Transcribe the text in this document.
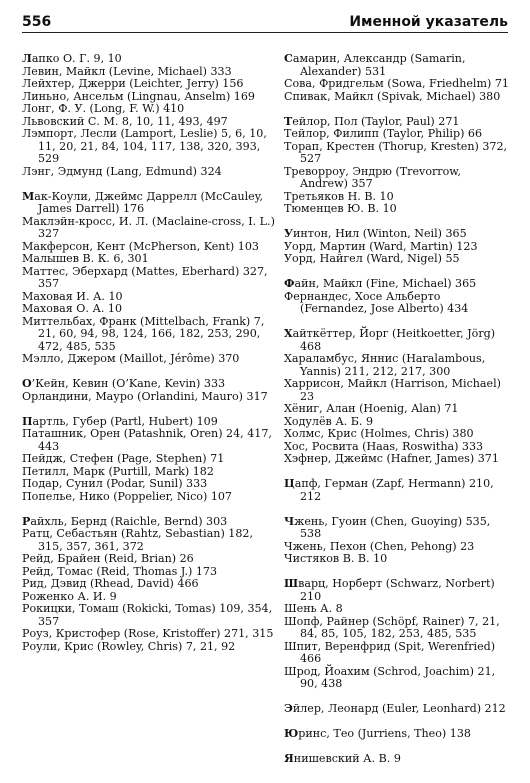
556	Именной указатель

Лапко О. Г. 9, 10

Левин, Майкл (Levine, Michael) 333

Лейхтер, Джерри (Leichter, Jerry) 156

Линьно, Ансельм (Lingnau, Anselm) 169

Лонг, Ф. У. (Long, F. W.) 410

Львовский С. М. 8, 10, 11, 493, 497

Лэмпорт, Лесли (Lamport, Leslie) 5, 6, 10, 11, 20, 21, 84, 104, 117, 138, 320, 393, 529

Лэнг, Эдмунд (Lang, Edmund) 324

Мак-Коули, Джеймс Даррелл (McCauley, James Darrell) 176

Маклэйн-кросс, И. Л. (Maclaine-cross, I. L.) 327

Макферсон, Кент (McPherson, Kent) 103

Малышев В. К. 6, 301

Маттес, Эберхард (Mattes, Eberhard) 327, 357

Маховая И. А. 10

Маховая О. А. 10

Миттельбах, Франк (Mittelbach, Frank) 7, 21, 60, 94, 98, 124, 166, 182, 253, 290, 472, 485, 535

Мэлло, Джером (Maillot, Jérôme) 370

О’Кейн, Кевин (O’Kane, Kevin) 333

Орландини, Мауро (Orlandini, Mauro) 317

Партль, Губер (Partl, Hubert) 109

Паташник, Орен (Patashnik, Oren) 24, 417, 443

Пейдж, Стефен (Page, Stephen) 71

Петилл, Марк (Purtill, Mark) 182

Подар, Сунил (Podar, Sunil) 333

Попелье, Нико (Poppelier, Nico) 107

Райхль, Бернд (Raichle, Bernd) 303

Ратц, Себастьян (Rahtz, Sebastian) 182, 315, 357, 361, 372

Рейд, Брайен (Reid, Brian) 26

Рейд, Томас (Reid, Thomas J.) 173

Рид, Дэвид (Rhead, David) 466

Роженко А. И. 9

Рокицки, Томаш (Rokicki, Tomas) 109, 354, 357

Роуз, Кристофер (Rose, Kristoffer) 271, 315

Роули, Крис (Rowley, Chris) 7, 21, 92

Самарин, Александр (Samarin, Alexander) 531

Сова, Фридгельм (Sowa, Friedhelm) 71

Спивак, Майкл (Spivak, Michael) 380

Тейлор, Пол (Taylor, Paul) 271

Тейлор, Филипп (Taylor, Philip) 66

Торап, Крестен (Thorup, Kresten) 372, 527

Треворроу, Эндрю (Trevorrow, Andrew) 357

Третьяков Н. В. 10

Тюменцев Ю. В. 10

Уинтон, Нил (Winton, Neil) 365

Уорд, Мартин (Ward, Martin) 123

Уорд, Найгел (Ward, Nigel) 55

Файн, Майкл (Fine, Michael) 365

Фернандес, Хосе Альберто (Fernandez, Jose Alberto) 434

Хайткёттер, Йорг (Heitkoetter, Jörg) 468

Хараламбус, Яннис (Haralambous, Yannis) 211, 212, 217, 300

Харрисон, Майкл (Harrison, Michael) 23

Хёниг, Алан (Hoenig, Alan) 71

Ходулёв А. Б. 9

Холмс, Крис (Holmes, Chris) 380

Хос, Росвита (Haas, Roswitha) 333

Хэфнер, Джеймс (Hafner, James) 371

Цапф, Герман (Zapf, Hermann) 210, 212

Чжень, Гуоин (Chen, Guoying) 535, 538

Чжень, Пехон (Chen, Pehong) 23

Чистяков В. В. 10

Шварц, Норберт (Schwarz, Norbert) 210

Шень А. 8

Шопф, Райнер (Schöpf, Rainer) 7, 21, 84, 85, 105, 182, 253, 485, 535

Шпит, Веренфрид (Spit, Werenfried) 466

Шрод, Йоахим (Schrod, Joachim) 21, 90, 438

Эйлер, Леонард (Euler, Leonhard) 212

Юринс, Тео (Jurriens, Theo) 138

Янишевский А. В. 9
